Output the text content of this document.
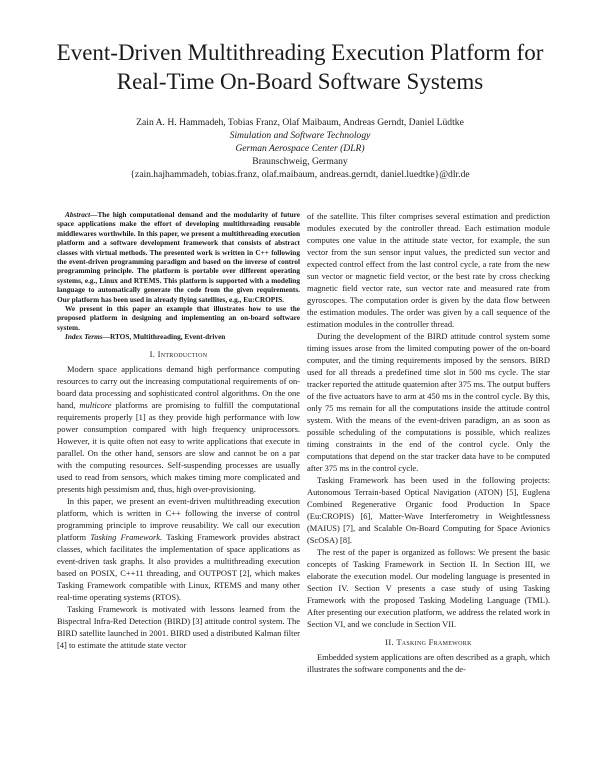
Event-Driven Multithreading Execution Platform for
Real-Time On-Board Software Systems
Zain A. H. Hammadeh, Tobias Franz, Olaf Maibaum, Andreas Gerndt, Daniel Lüdtke
Simulation and Software Technology
German Aerospace Center (DLR)
Braunschweig, Germany
{zain.hajhammadeh, tobias.franz, olaf.maibaum, andreas.gerndt, daniel.luedtke}@dlr.de

Abstract—The high computational demand and the modularity of future space applications make the effort of developing multithreading reusable middlewares worthwhile. In this paper, we present a multithreading execution platform and a software development framework that consists of abstract classes with virtual methods. The presented work is written in C++ following the event-driven programming paradigm and based on the inverse of control programming principle. The platform is portable over different operating systems, e.g., Linux and RTEMS. This platform is supported with a modeling language to automatically generate the code from the given requirements. Our platform has been used in already flying satellites, e.g., Eu:CROPIS.

We present in this paper an example that illustrates how to use the proposed platform in designing and implementing an on-board software system.

Index Terms—RTOS, Multithreading, Event-driven

I. Introduction

Modern space applications demand high performance computing resources to carry out the increasing computational requirements of on-board data processing and sophisticated control algorithms. On the one hand, multicore platforms are promising to fulfill the computational requirements properly [1] as they provide high performance with low power consumption compared with high frequency uniprocessors. However, it is quite often not easy to write applications that execute in parallel. On the other hand, sensors are slow and cannot be on a par with the computing resources. Self-suspending processes are usually used to read from sensors, which makes timing more complicated and presents high pessimism and, thus, high over-provisioning.

In this paper, we present an event-driven multithreading execution platform, which is written in C++ following the inverse of control programming principle to improve reusability. We call our execution platform Tasking Framework. Tasking Framework provides abstract classes, which facilitates the implementation of space applications as event-driven task graphs. It also provides a multithreading execution based on POSIX, C++11 threading, and OUTPOST [2], which makes Tasking Framework compatible with Linux, RTEMS and many other real-time operating systems (RTOS).

Tasking Framework is motivated with lessons learned from the Bispectral Infra-Red Detection (BIRD) [3] attitude control system. The BIRD satellite launched in 2001. BIRD used a distributed Kalman filter [4] to estimate the attitude state vector

of the satellite. This filter comprises several estimation and prediction modules executed by the controller thread. Each estimation module computes one value in the attitude state vector, for example, the sun vector from the sun sensor input values, the predicted sun vector and expected control effect from the last control cycle, a rate from the new sun vector or magnetic field vector, or the best rate by cross checking magnetic field vector rate, sun vector rate and measured rate from gyroscopes. The computation order is given by the data flow between the estimation modules. The order was given by a call sequence of the estimation modules in the controller thread.

During the development of the BIRD attitude control system some timing issues arose from the limited computing power of the on-board computer, and the timing requirements imposed by the sensors. BIRD used for all threads a predefined time slot in 500 ms cycle. The star tracker reported the attitude quaternion after 375 ms. The output buffers of the five actuators have to arm at 450 ms in the control cycle. By this, only 75 ms remain for all the computations inside the attitude control system. With the means of the event-driven paradigm, an as soon as possible scheduling of the computations is possible, which realizes timing constraints in the end of the control cycle. Only the computations that depend on the star tracker data have to be computed after 375 ms in the control cycle.

Tasking Framework has been used in the following projects: Autonomous Terrain-based Optical Navigation (ATON) [5], Euglena Combined Regenerative Organic food Production In Space (Eu:CROPIS) [6], Matter-Wave Interferometry in Weightlessness (MAIUS) [7], and Scalable On-Board Computing for Space Avionics (ScOSA) [8].

The rest of the paper is organized as follows: We present the basic concepts of Tasking Framework in Section II. In Section III, we elaborate the execution model. Our modeling language is presented in Section IV. Section V presents a case study of using Tasking Framework with the proposed Tasking Modeling Language (TML). After presenting our execution platform, we address the related work in Section VI, and we conclude in Section VII.

II. Tasking Framework

Embedded system applications are often described as a graph, which illustrates the software components and the de-
